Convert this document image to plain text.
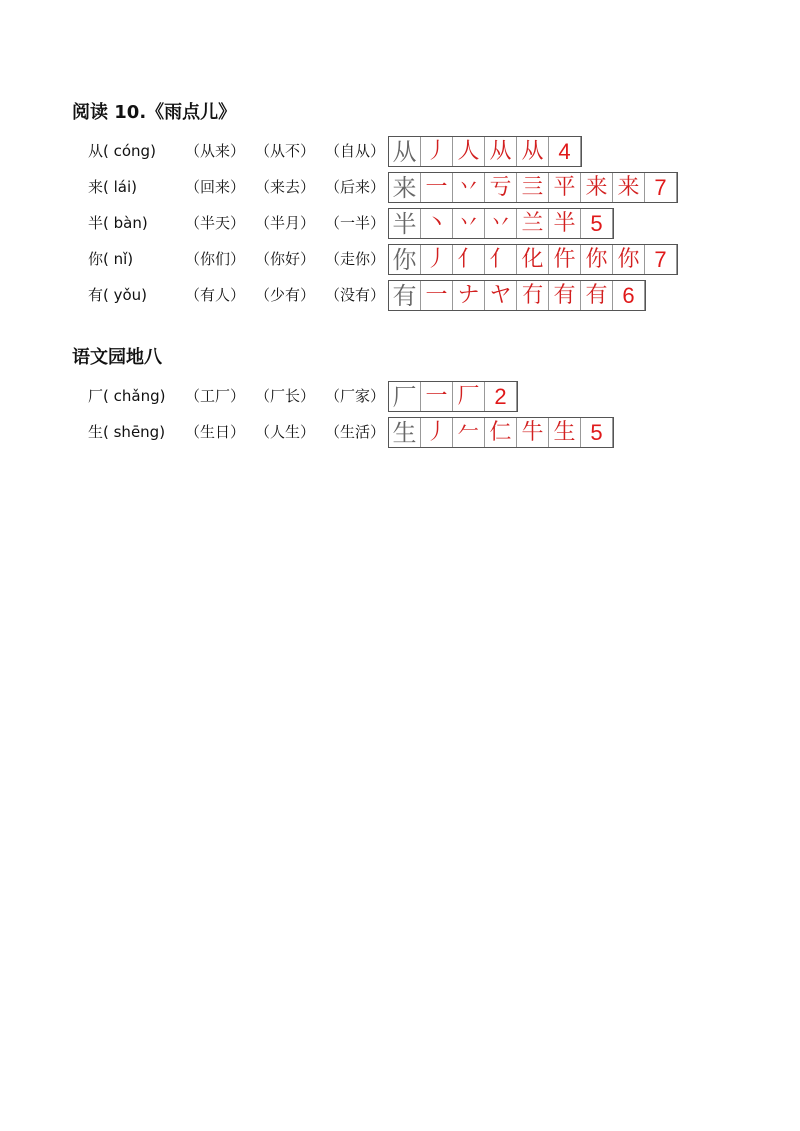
阅读 10.《雨点儿》
从( cóng) （从来） （从不） （自从） 从 丿 人 从 从 4
来( lái)	（回来） （来去） （后来） 来 一 丷 亏 亖 平 来 来 7
半( bàn) （半天） （半月） （一半） 半 丶 丷 丷 兰 半 5
你( nǐ)	（你们） （你好） （走你） 你 丿 亻 亻 化 仵 你 你 7
有( yǒu)	（有人） （少有） （没有） 有 一 ナ ヤ 冇 有 有 6
语文园地八
厂( chǎng) （工厂） （厂长） （厂家） 厂 一 厂 2
生( shēng) （生日） （人生） （生活） 生 丿 𠂉 仁 牛 生 5
